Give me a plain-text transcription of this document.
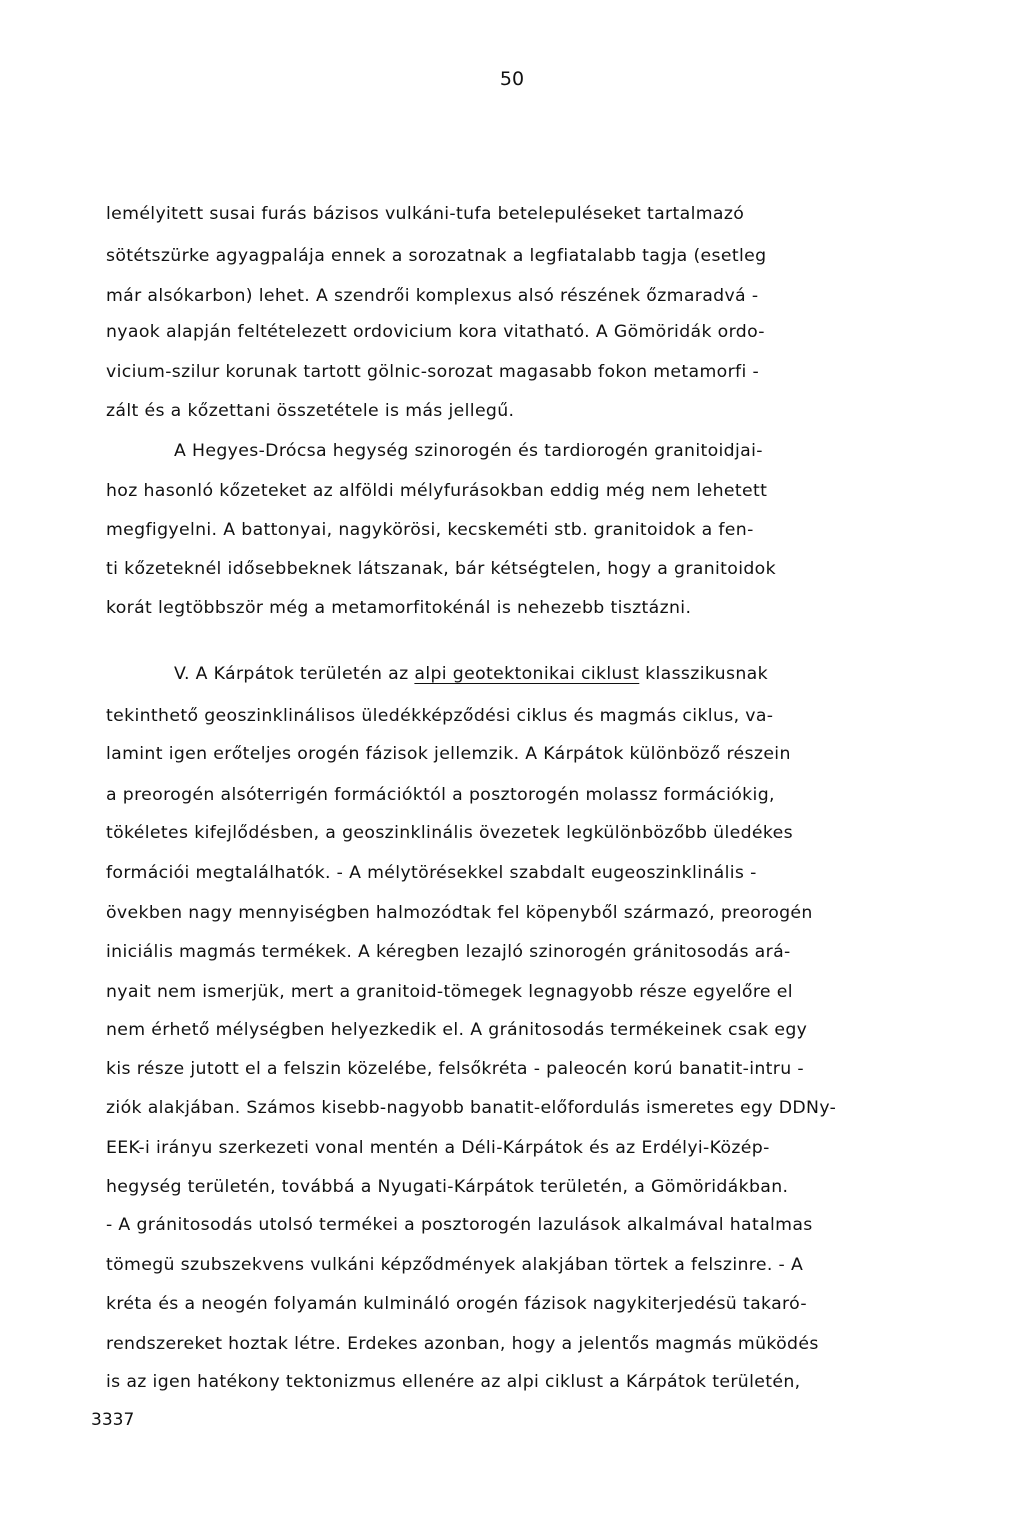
50
lemélyitett susai furás bázisos vulkáni-tufa betelepuléseket tartalmazó
sötétszürke agyagpalája ennek a sorozatnak a legfiatalabb tagja (esetleg
már alsókarbon) lehet. A szendrői komplexus alsó részének őzmaradvá -
nyaok alapján feltételezett ordovicium kora vitatható. A Gömöridák ordo-
vicium-szilur korunak tartott gölnic-sorozat magasabb fokon metamorfi -
zált és a kőzettani összetétele is más jellegű.
A Hegyes-Drócsa hegység szinorogén és tardiorogén granitoidjai-
hoz hasonló kőzeteket az alföldi mélyfurásokban eddig még nem lehetett
megfigyelni. A battonyai, nagykörösi, kecskeméti stb. granitoidok a fen-
ti kőzeteknél idősebbeknek látszanak, bár kétségtelen, hogy a granitoidok
korát legtöbbször még a metamorfitokénál is nehezebb tisztázni.
V. A Kárpátok területén az alpi geotektonikai ciklust klasszikusnak
tekinthető geoszinklinálisos üledékképződési ciklus és magmás ciklus, va-
lamint igen erőteljes orogén fázisok jellemzik. A Kárpátok különböző részein
a preorogén alsóterrigén formációktól a posztorogén molassz formációkig,
tökéletes kifejlődésben, a geoszinklinális övezetek legkülönbözőbb üledékes
formációi megtalálhatók. - A mélytörésekkel szabdalt eugeoszinklinális -
övekben nagy mennyiségben halmozódtak fel köpenyből származó, preorogén
iniciális magmás termékek. A kéregben lezajló szinorogén gránitosodás ará-
nyait nem ismerjük, mert a granitoid-tömegek legnagyobb része egyelőre el
nem érhető mélységben helyezkedik el. A gránitosodás termékeinek csak egy
kis része jutott el a felszin közelébe, felsőkréta - paleocén korú banatit-intru -
ziók alakjában. Számos kisebb-nagyobb banatit-előfordulás ismeretes egy DDNy-
EEK-i irányu szerkezeti vonal mentén a Déli-Kárpátok és az Erdélyi-Közép-
hegység területén, továbbá a Nyugati-Kárpátok területén, a Gömöridákban.
- A gránitosodás utolsó termékei a posztorogén lazulások alkalmával hatalmas
tömegü szubszekvens vulkáni képződmények alakjában törtek a felszinre. - A
kréta és a neogén folyamán kulmináló orogén fázisok nagykiterjedésü takaró-
rendszereket hoztak létre. Erdekes azonban, hogy a jelentős magmás müködés
is az igen hatékony tektonizmus ellenére az alpi ciklust a Kárpátok területén,
3337
